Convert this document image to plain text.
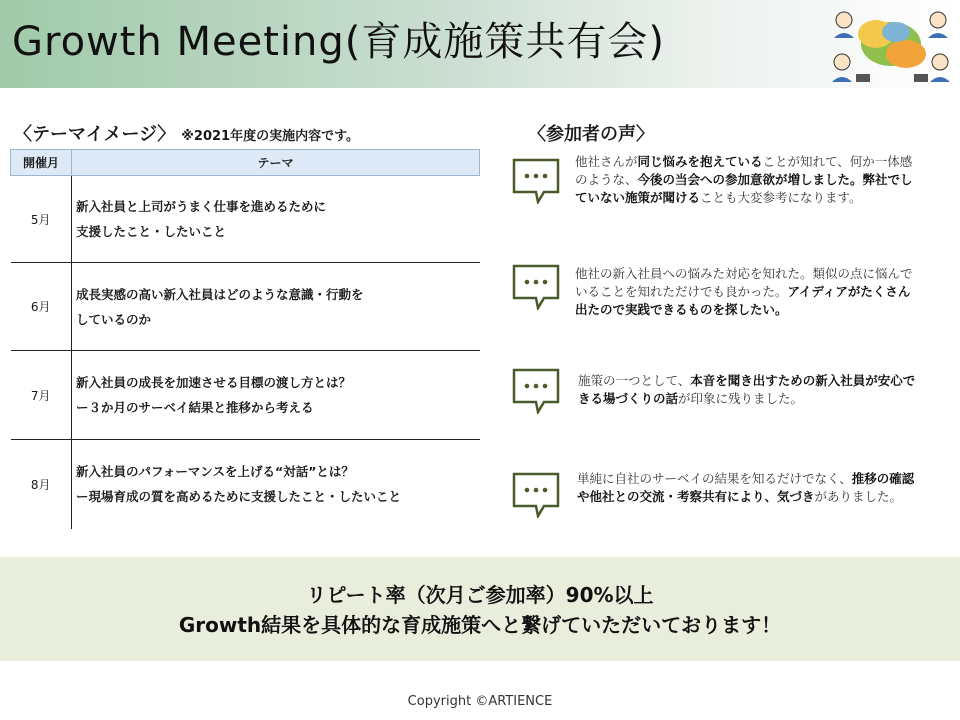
Growth Meeting(育成施策共有会)
〈テーマイメージ〉 ※2021年度の実施内容です。
開催月	テーマ
5月	新入社員と上司がうまく仕事を進めるために
支援したこと・したいこと

6月	成長実感の高い新入社員はどのような意識・行動を
しているのか

7月	新入社員の成長を加速させる目標の渡し方とは？
ー３か月のサーベイ結果と推移から考える

8月	新入社員のパフォーマンスを上げる“対話”とは？
ー現場育成の質を高めるために支援したこと・したいこと
〈参加者の声〉
他社さんが同じ悩みを抱えていることが知れて、何か一体感のような、今後の当会への参加意欲が増しました。弊社でしていない施策が聞けることも大変参考になります。
他社の新入社員への悩みた対応を知れた。類似の点に悩んでいることを知れただけでも良かった。アイディアがたくさん出たので実践できるものを探したい。
施策の一つとして、本音を聞き出すための新入社員が安心できる場づくりの話が印象に残りました。
単純に自社のサーベイの結果を知るだけでなく、推移の確認や他社との交流・考察共有により、気づきがありました。
リピート率（次月ご参加率）90%以上
Growth結果を具体的な育成施策へと繋げていただいております！
Copyright ©ARTIENCE
